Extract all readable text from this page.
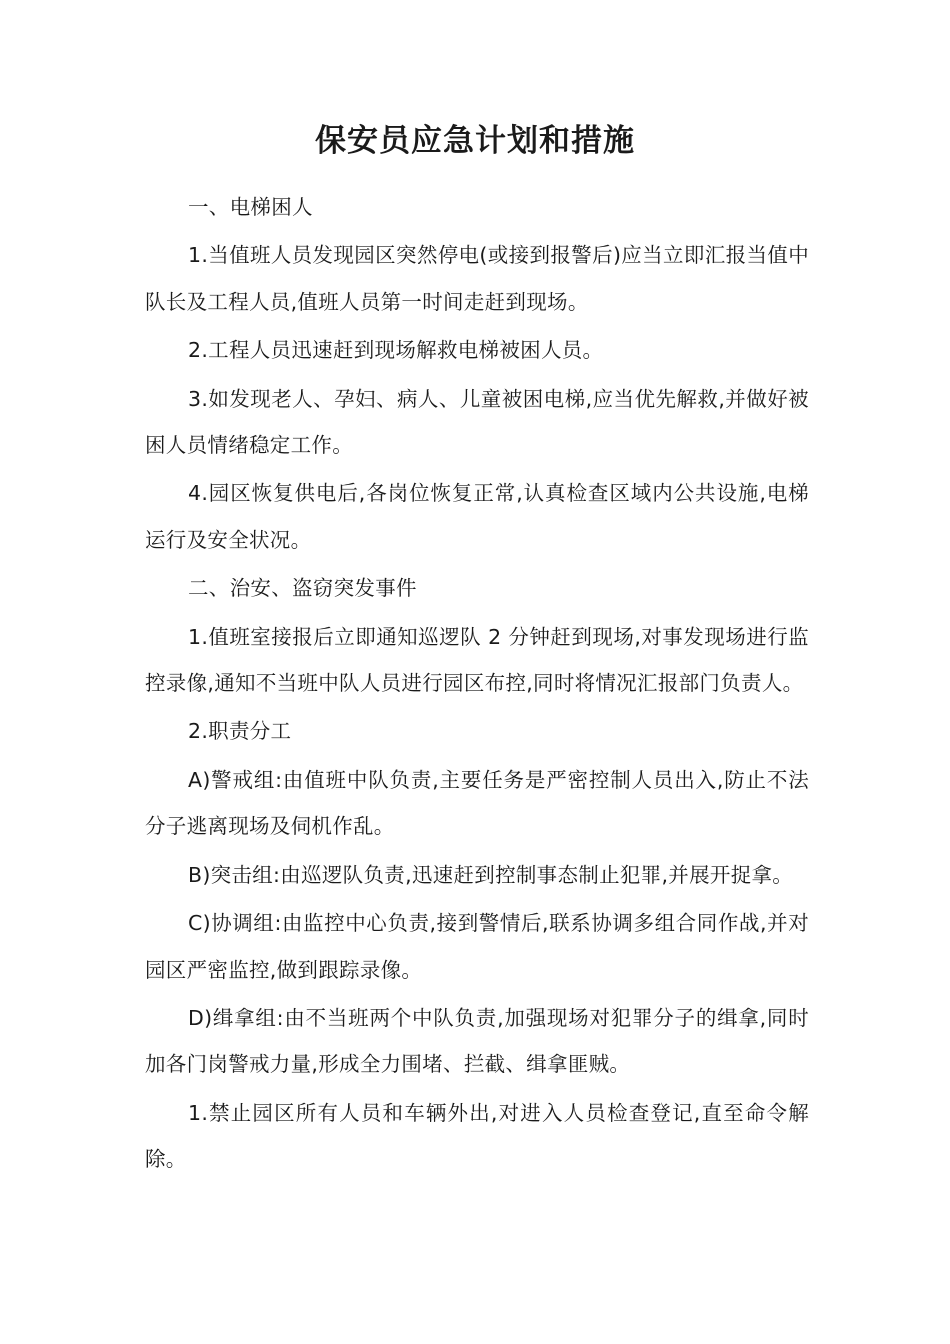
保安员应急计划和措施

一、电梯困人

1.当值班人员发现园区突然停电(或接到报警后)应当立即汇报当值中队长及工程人员,值班人员第一时间走赶到现场。

2.工程人员迅速赶到现场解救电梯被困人员。

3.如发现老人、孕妇、病人、儿童被困电梯,应当优先解救,并做好被困人员情绪稳定工作。

4.园区恢复供电后,各岗位恢复正常,认真检查区域内公共设施,电梯运行及安全状况。

二、治安、盗窃突发事件

1.值班室接报后立即通知巡逻队 2 分钟赶到现场,对事发现场进行监控录像,通知不当班中队人员进行园区布控,同时将情况汇报部门负责人。

2.职责分工

A)警戒组:由值班中队负责,主要任务是严密控制人员出入,防止不法分子逃离现场及伺机作乱。

B)突击组:由巡逻队负责,迅速赶到控制事态制止犯罪,并展开捉拿。

C)协调组:由监控中心负责,接到警情后,联系协调多组合同作战,并对园区严密监控,做到跟踪录像。

D)缉拿组:由不当班两个中队负责,加强现场对犯罪分子的缉拿,同时加各门岗警戒力量,形成全力围堵、拦截、缉拿匪贼。

1.禁止园区所有人员和车辆外出,对进入人员检查登记,直至命令解除。
